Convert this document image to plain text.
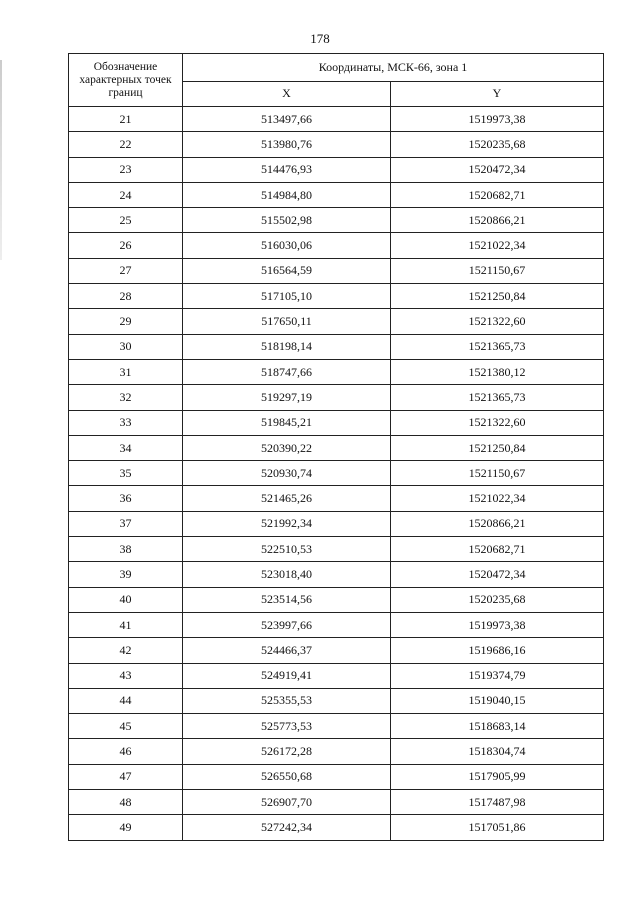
178
Обозначение характерных точек границ	Координаты, МСК-66, зона 1	
	X	Y
21	513497,66	1519973,38
22	513980,76	1520235,68
23	514476,93	1520472,34
24	514984,80	1520682,71
25	515502,98	1520866,21
26	516030,06	1521022,34
27	516564,59	1521150,67
28	517105,10	1521250,84
29	517650,11	1521322,60
30	518198,14	1521365,73
31	518747,66	1521380,12
32	519297,19	1521365,73
33	519845,21	1521322,60
34	520390,22	1521250,84
35	520930,74	1521150,67
36	521465,26	1521022,34
37	521992,34	1520866,21
38	522510,53	1520682,71
39	523018,40	1520472,34
40	523514,56	1520235,68
41	523997,66	1519973,38
42	524466,37	1519686,16
43	524919,41	1519374,79
44	525355,53	1519040,15
45	525773,53	1518683,14
46	526172,28	1518304,74
47	526550,68	1517905,99
48	526907,70	1517487,98
49	527242,34	1517051,86
